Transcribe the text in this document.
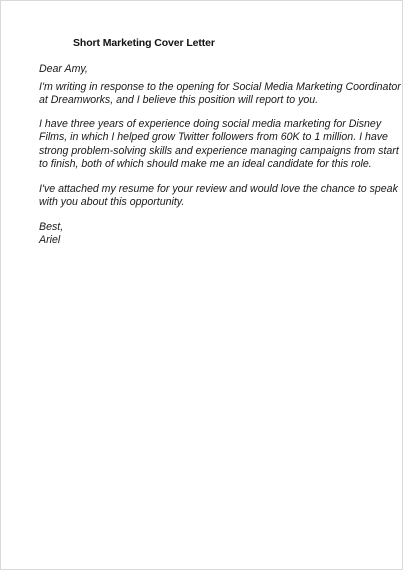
Short Marketing Cover Letter

Dear Amy,

I'm writing in response to the opening for Social Media Marketing Coordinator
at Dreamworks, and I believe this position will report to you.

I have three years of experience doing social media marketing for Disney
Films, in which I helped grow Twitter followers from 60K to 1 million. I have
strong problem-solving skills and experience managing campaigns from start
to finish, both of which should make me an ideal candidate for this role.

I've attached my resume for your review and would love the chance to speak
with you about this opportunity.

Best,
Ariel
